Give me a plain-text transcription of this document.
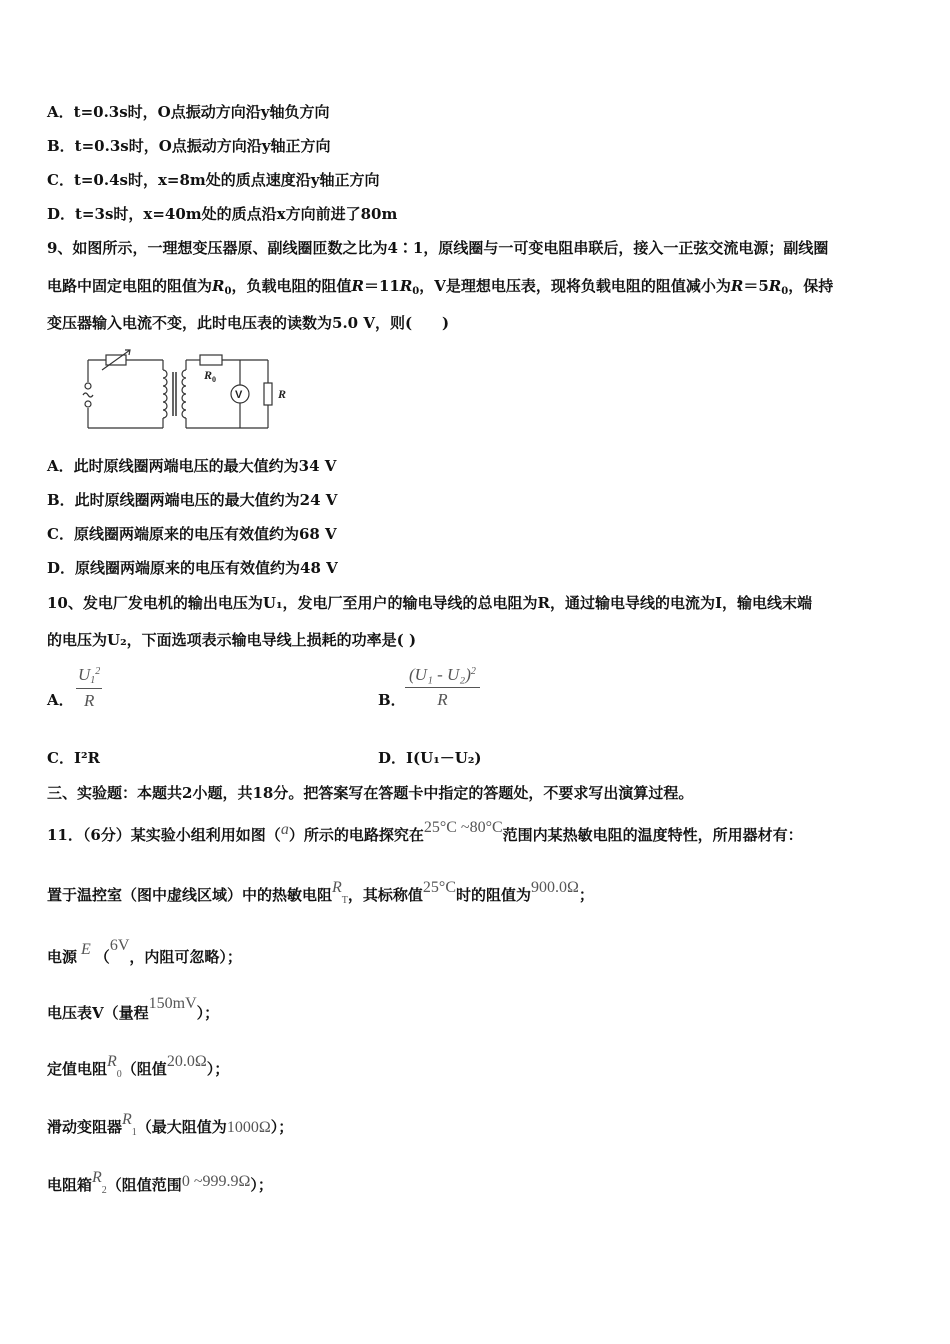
A．t=0.3s时，O点振动方向沿y轴负方向
B．t=0.3s时，O点振动方向沿y轴正方向
C．t=0.4s时，x=8m处的质点速度沿y轴正方向
D．t=3s时，x=40m处的质点沿x方向前进了80m
9、如图所示，一理想变压器原、副线圈匝数之比为4∶1，原线圈与一可变电阻串联后，接入一正弦交流电源；副线圈
电路中固定电阻的阻值为$R_0$，负载电阻的阻值$R=11R_0$，V是理想电压表，现将负载电阻的阻值减小为$R=5R_0$，保持
变压器输入电流不变，此时电压表的读数为5.0 V，则(　　)
R 0
V	R
A．此时原线圈两端电压的最大值约为34 V
B．此时原线圈两端电压的最大值约为24 V
C．原线圈两端原来的电压有效值约为68 V
D．原线圈两端原来的电压有效值约为48 V
10、发电厂发电机的输出电压为U₁，发电厂至用户的输电导线的总电阻为R，通过输电导线的电流为I，输电线末端
的电压为U₂，下面选项表示输电导线上损耗的功率是( )
A． $\frac{U_1^2}{R}$	B． $\frac{(U_1 - U_2)^2}{R}$
C．I²R	D．I(U₁－U₂)
三、实验题：本题共2小题，共18分。把答案写在答题卡中指定的答题处，不要求写出演算过程。
11．（6分）某实验小组利用如图（a）所示的电路探究在25°C ~80°C范围内某热敏电阻的温度特性，所用器材有：
置于温控室（图中虚线区域）中的热敏电阻$R_T$，其标称值25°C时的阻值为900.0Ω；
电源 E （6V，内阻可忽略）；
电压表V（量程150mV）；
定值电阻$R_0$（阻值20.0Ω）；
滑动变阻器$R_1$（最大阻值为1000Ω）；
电阻箱$R_2$（阻值范围0 ~999.9Ω）；
